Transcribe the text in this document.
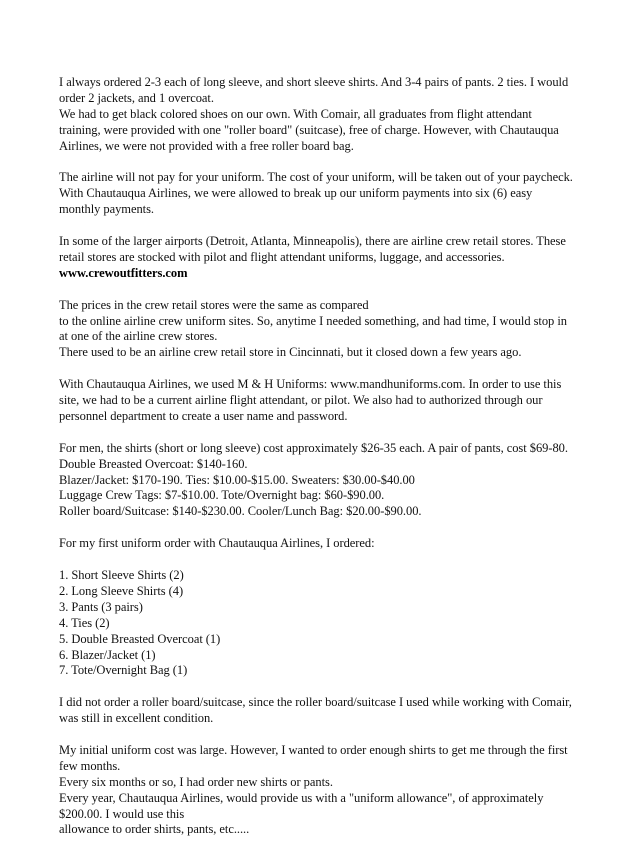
I always ordered 2-3 each of long sleeve, and short sleeve shirts. And 3-4 pairs of pants. 2 ties. I would
order 2 jackets, and 1 overcoat.
We had to get black colored shoes on our own. With Comair, all graduates from flight attendant
training, were provided with one "roller board" (suitcase), free of charge. However, with Chautauqua
Airlines, we were not provided with a free roller board bag.

The airline will not pay for your uniform. The cost of your uniform, will be taken out of your paycheck.
With Chautauqua Airlines, we were allowed to break up our uniform payments into six (6) easy
monthly payments.

In some of the larger airports (Detroit, Atlanta, Minneapolis), there are airline crew retail stores. These
retail stores are stocked with pilot and flight attendant uniforms, luggage, and accessories.
www.crewoutfitters.com

The prices in the crew retail stores were the same as compared
to the online airline crew uniform sites. So, anytime I needed something, and had time, I would stop in
at one of the airline crew stores.
There used to be an airline crew retail store in Cincinnati, but it closed down a few years ago.

With Chautauqua Airlines, we used M & H Uniforms: www.mandhuniforms.com. In order to use this
site, we had to be a current airline flight attendant, or pilot. We also had to authorized through our
personnel department to create a user name and password.

For men, the shirts (short or long sleeve) cost approximately $26-35 each. A pair of pants, cost $69-80.
Double Breasted Overcoat: $140-160.
Blazer/Jacket: $170-190. Ties: $10.00-$15.00. Sweaters: $30.00-$40.00
Luggage Crew Tags: $7-$10.00. Tote/Overnight bag: $60-$90.00.
Roller board/Suitcase: $140-$230.00. Cooler/Lunch Bag: $20.00-$90.00.

For my first uniform order with Chautauqua Airlines, I ordered:

1. Short Sleeve Shirts (2)
2. Long Sleeve Shirts (4)
3. Pants (3 pairs)
4. Ties (2)
5. Double Breasted Overcoat (1)
6. Blazer/Jacket (1)
7. Tote/Overnight Bag (1)

I did not order a roller board/suitcase, since the roller board/suitcase I used while working with Comair,
was still in excellent condition.

My initial uniform cost was large. However, I wanted to order enough shirts to get me through the first
few months.
Every six months or so, I had order new shirts or pants.
Every year, Chautauqua Airlines, would provide us with a "uniform allowance", of approximately
$200.00. I would use this
allowance to order shirts, pants, etc.....
